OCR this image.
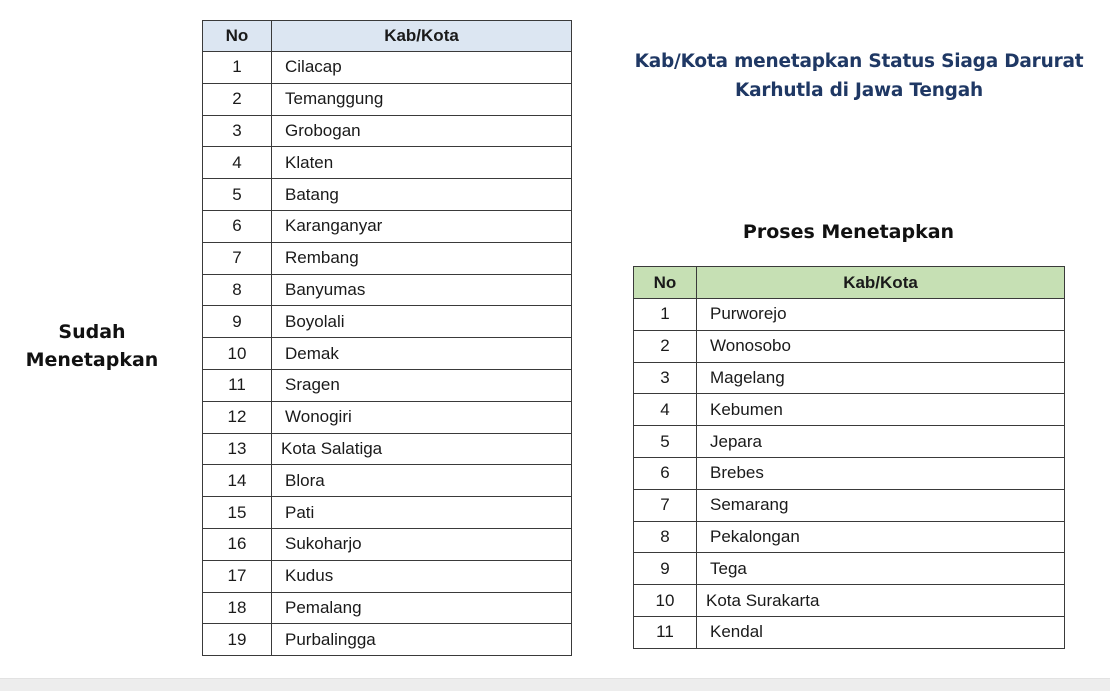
Sudah
Menetapkan
No	Kab/Kota
1	Cilacap
2	Temanggung
3	Grobogan
4	Klaten
5	Batang
6	Karanganyar
7	Rembang
8	Banyumas
9	Boyolali
10	Demak
11	Sragen
12	Wonogiri
13	Kota Salatiga
14	Blora
15	Pati
16	Sukoharjo
17	Kudus
18	Pemalang
19	Purbalingga
Kab/Kota menetapkan Status Siaga Darurat
Karhutla di Jawa Tengah
Proses Menetapkan
No	Kab/Kota
1	Purworejo
2	Wonosobo
3	Magelang
4	Kebumen
5	Jepara
6	Brebes
7	Semarang
8	Pekalongan
9	Tega
10	Kota Surakarta
11	Kendal
